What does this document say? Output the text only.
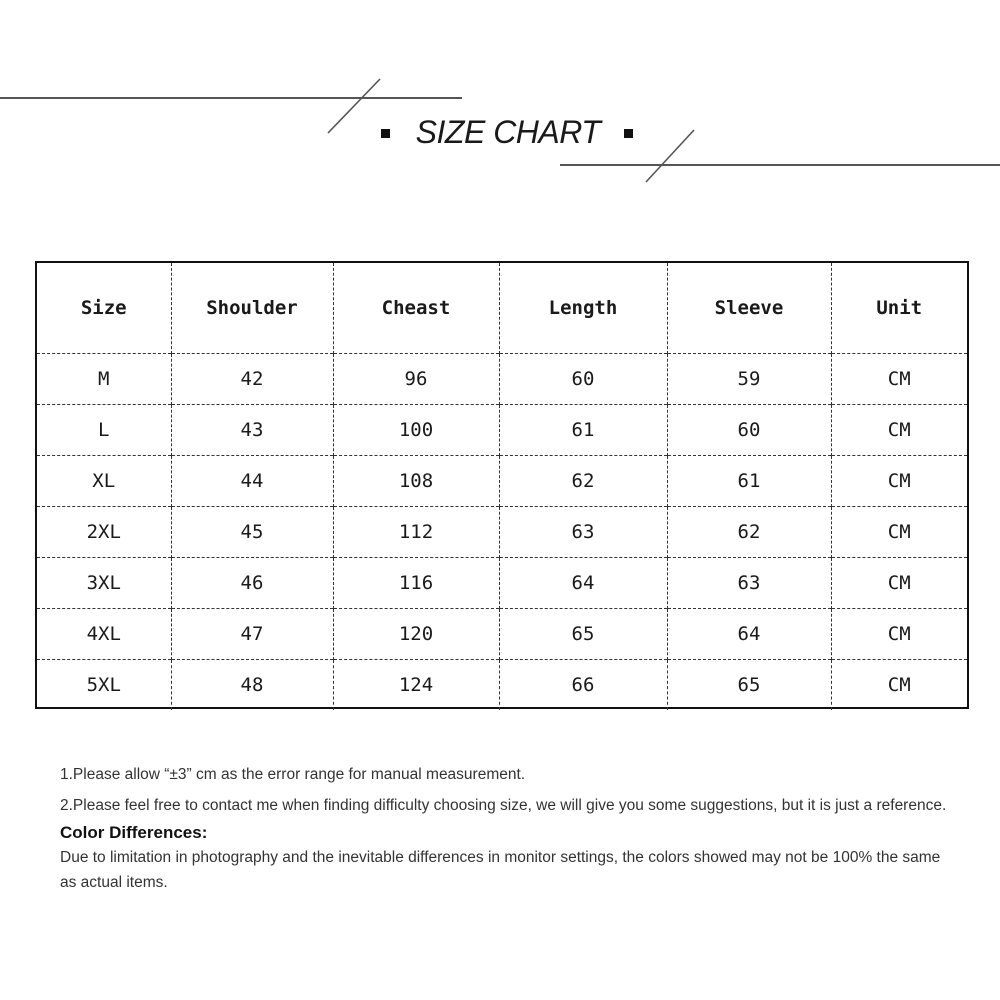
SIZE CHART
Size	Shoulder	Cheast	Length	Sleeve	Unit
M	42	96	60	59	CM
L	43	100	61	60	CM
XL	44	108	62	61	CM
2XL	45	112	63	62	CM
3XL	46	116	64	63	CM
4XL	47	120	65	64	CM
5XL	48	124	66	65	CM

1.Please allow “±3” cm as the error range for manual measurement.

2.Please feel free to contact me when finding difficulty choosing size, we will give you some suggestions, but it is just a reference.

Color Differences:

Due to limitation in photography and the inevitable differences in monitor settings, the colors showed may not be 100% the same as actual items.
